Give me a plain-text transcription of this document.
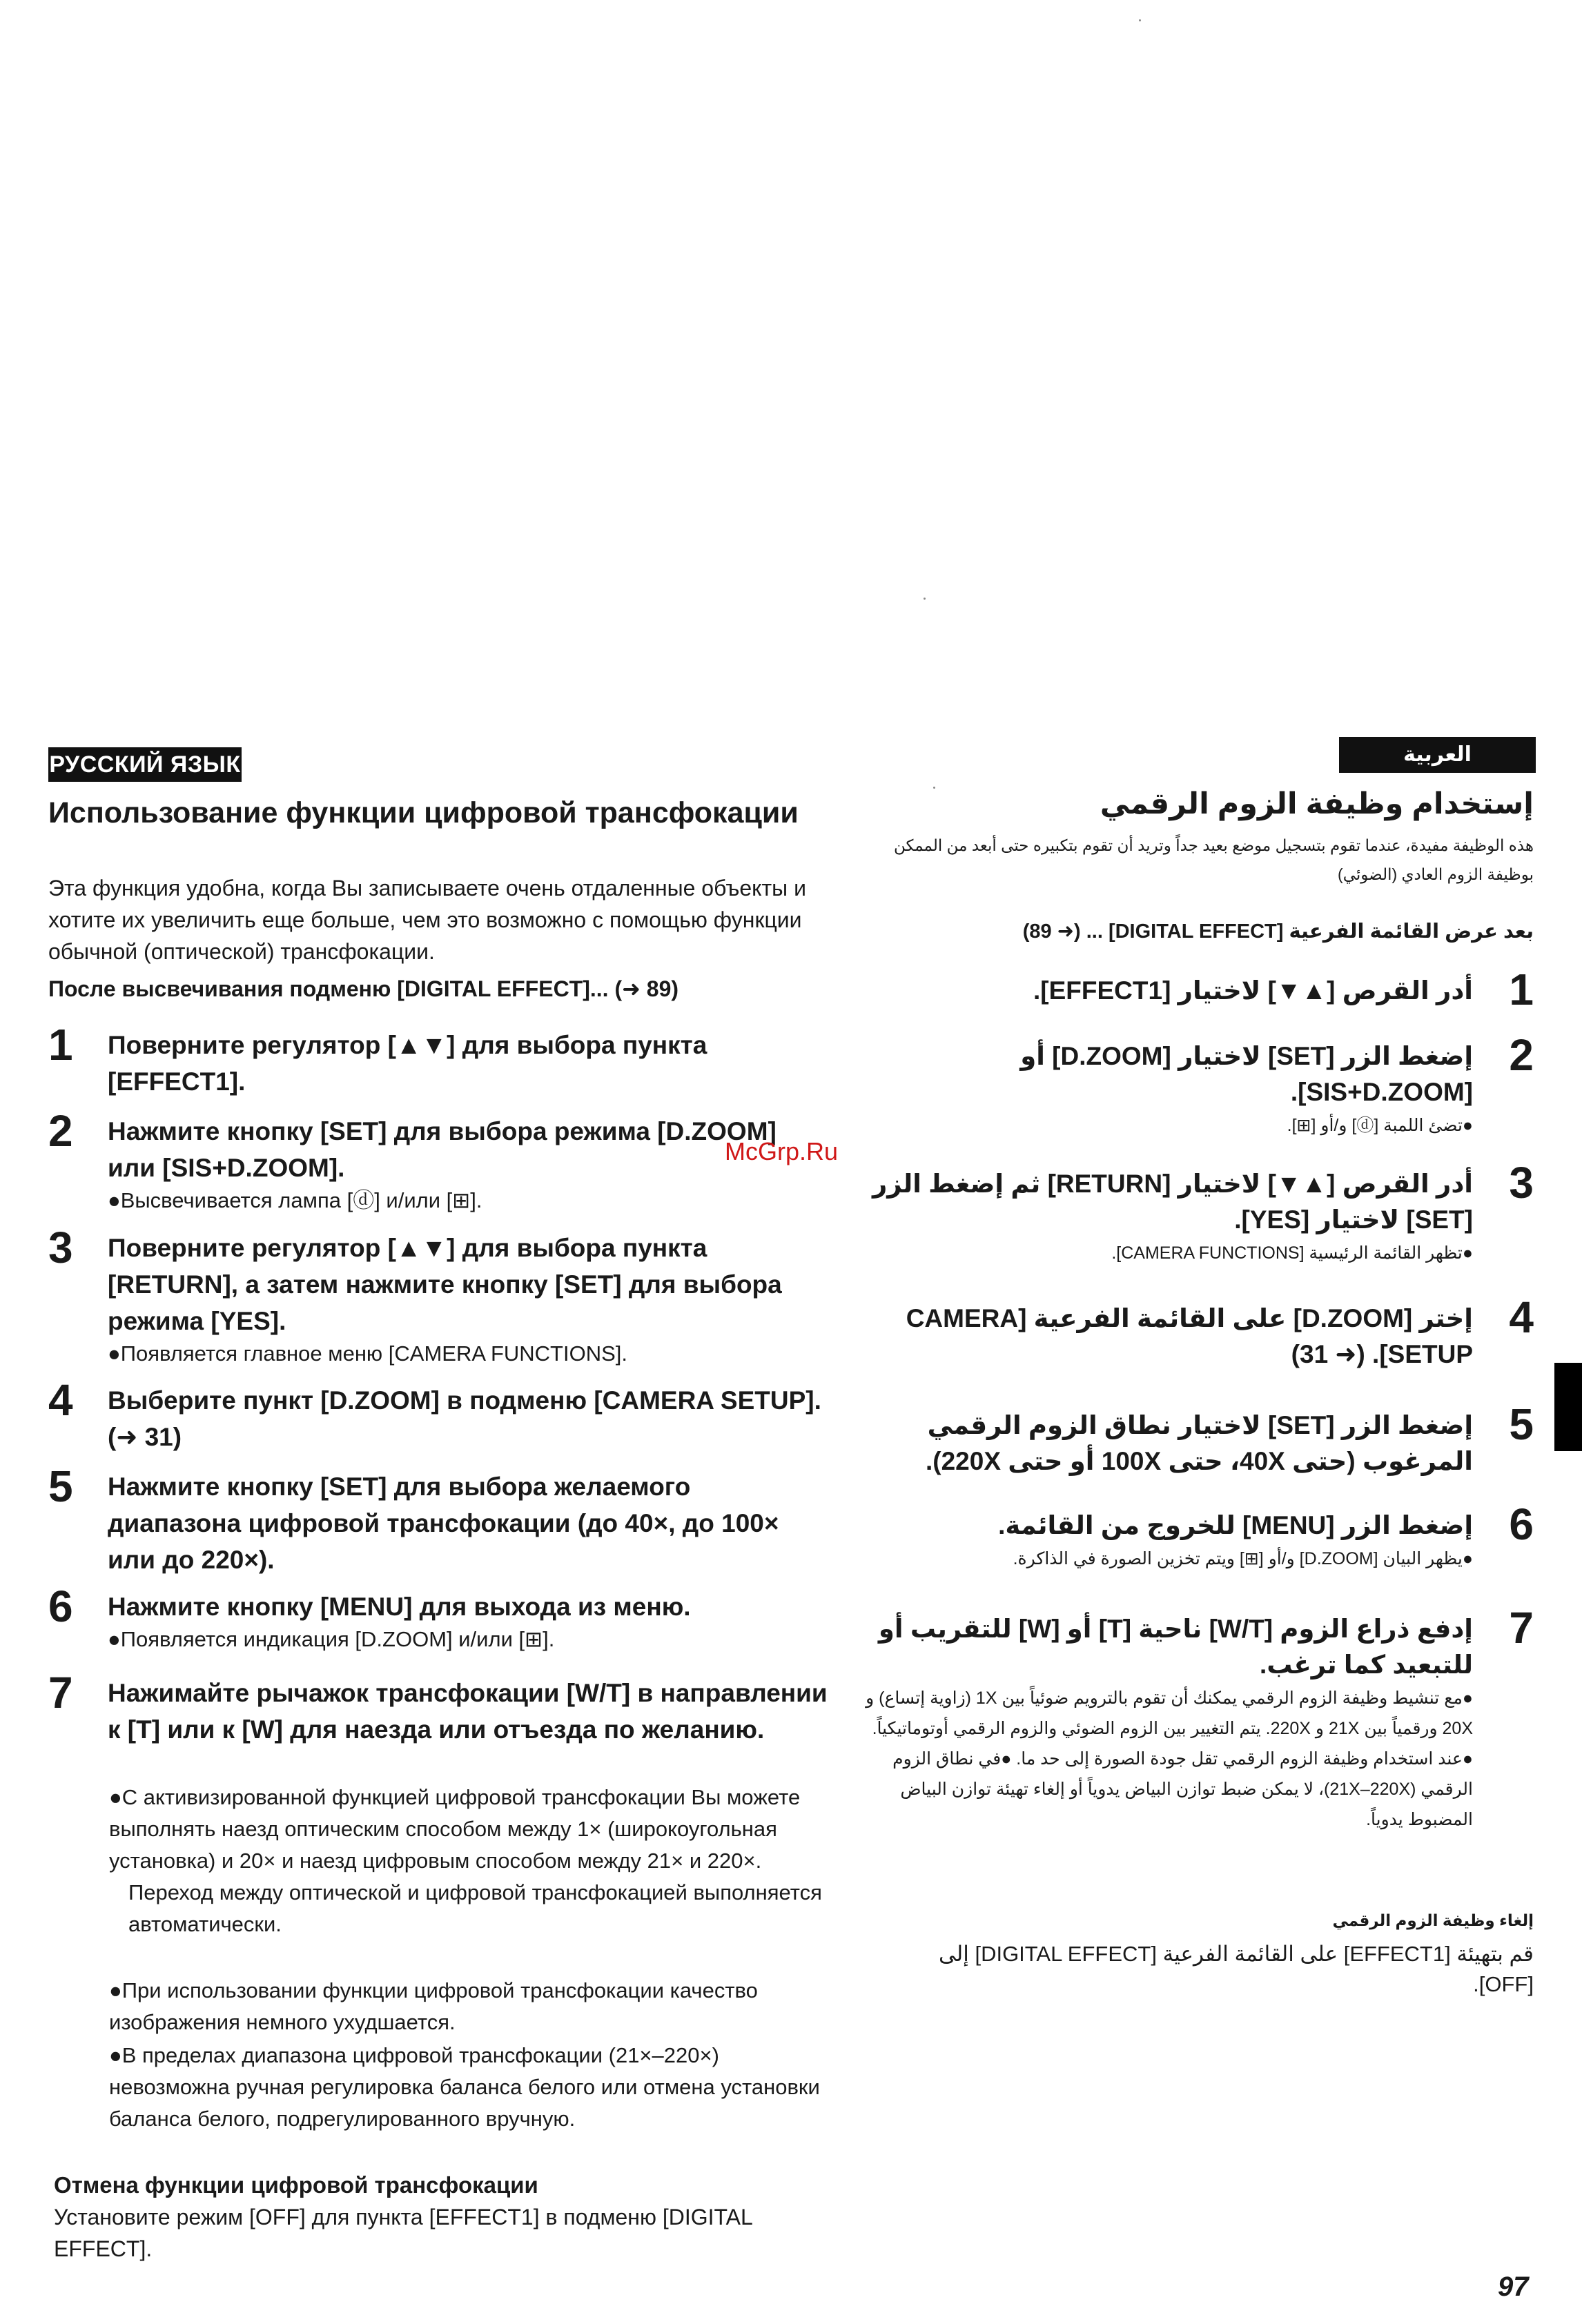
РУССКИЙ ЯЗЫК
Использование функции цифровой трансфокации
Эта функция удобна, когда Вы записываете очень отдаленные объекты и хотите их увеличить еще больше, чем это возможно с помощью функции обычной (оптической) трансфокации.
После высвечивания подменю [DIGITAL EFFECT]... (➜ 89)
1 Поверните регулятор [▲▼] для выбора пункта [EFFECT1].
2 Нажмите кнопку [SET] для выбора режима [D.ZOOM] или [SIS+D.ZOOM].
●Высвечивается лампа [ⓓ] и/или [⊞].
3 Поверните регулятор [▲▼] для выбора пункта [RETURN], а затем нажмите кнопку [SET] для выбора режима [YES].
●Появляется главное меню [CAMERA FUNCTIONS].
4 Выберите пункт [D.ZOOM] в подменю [CAMERA SETUP]. (➜ 31)
5 Нажмите кнопку [SET] для выбора желаемого диапазона цифровой трансфокации (до 40×, до 100× или до 220×).
6 Нажмите кнопку [MENU] для выхода из меню.
●Появляется индикация [D.ZOOM] и/или [⊞].
7 Нажимайте рычажок трансфокации [W/T] в направлении к [T] или к [W] для наезда или отъезда по желанию.
●С активизированной функцией цифровой трансфокации Вы можете выполнять наезд оптическим способом между 1× (широкоугольная установка) и 20× и наезд цифровым способом между 21× и 220×.
Переход между оптической и цифровой трансфокацией выполняется автоматически.
●При использовании функции цифровой трансфокации качество изображения немного ухудшается.
●В пределах диапазона цифровой трансфокации (21×–220×) невозможна ручная регулировка баланса белого или отмена установки баланса белого, подрегулированного вручную.
Отмена функции цифровой трансфокации
Установите режим [OFF] для пункта [EFFECT1] в подменю [DIGITAL EFFECT].
McGrp.Ru
العربية
إستخدام وظيفة الزوم الرقمي
هذه الوظيفة مفيدة، عندما تقوم بتسجيل موضع بعيد جداً وتريد أن تقوم بتكبيره حتى أبعد من الممكن بوظيفة الزوم العادي (الضوئي)
بعد عرض القائمة الفرعية [DIGITAL EFFECT] ... (➜ 89)
1
أدر القرص [▲▼] لاختيار [EFFECT1].
2
إضغط الزر [SET] لاختيار [D.ZOOM] أو [SIS+D.ZOOM].
●تضئ اللمبة [ⓓ] و/أو [⊞].
3
أدر القرص [▲▼] لاختيار [RETURN] ثم إضغط الزر [SET] لاختيار [YES].
●تظهر القائمة الرئيسية [CAMERA FUNCTIONS].
4
إختر [D.ZOOM] على القائمة الفرعية [CAMERA SETUP]. (➜ 31)
5
إضغط الزر [SET] لاختيار نطاق الزوم الرقمي المرغوب (حتى 40X، حتى 100X أو حتى 220X).
6
إضغط الزر [MENU] للخروج من القائمة.
●يظهر البيان [D.ZOOM] و/أو [⊞] ويتم تخزين الصورة في الذاكرة.
7
إدفع ذراع الزوم [W/T] ناحية [T] أو [W] للتقريب أو للتبعيد كما ترغب.
●مع تنشيط وظيفة الزوم الرقمي يمكنك أن تقوم بالترويم ضوئياً بين 1X (زاوية إتساع) و 20X ورقمياً بين 21X و 220X. يتم التغيير بين الزوم الضوئي والزوم الرقمي أوتوماتيكياً. ●عند استخدام وظيفة الزوم الرقمي تقل جودة الصورة إلى حد ما. ●في نطاق الزوم الرقمي (21X–220X)، لا يمكن ضبط توازن البياض يدوياً أو إلغاء تهيئة توازن البياض المضبوط يدوياً.
إلغاء وظيفة الزوم الرقمي
قم بتهيئة [EFFECT1] على القائمة الفرعية [DIGITAL EFFECT] إلى [OFF].
97
